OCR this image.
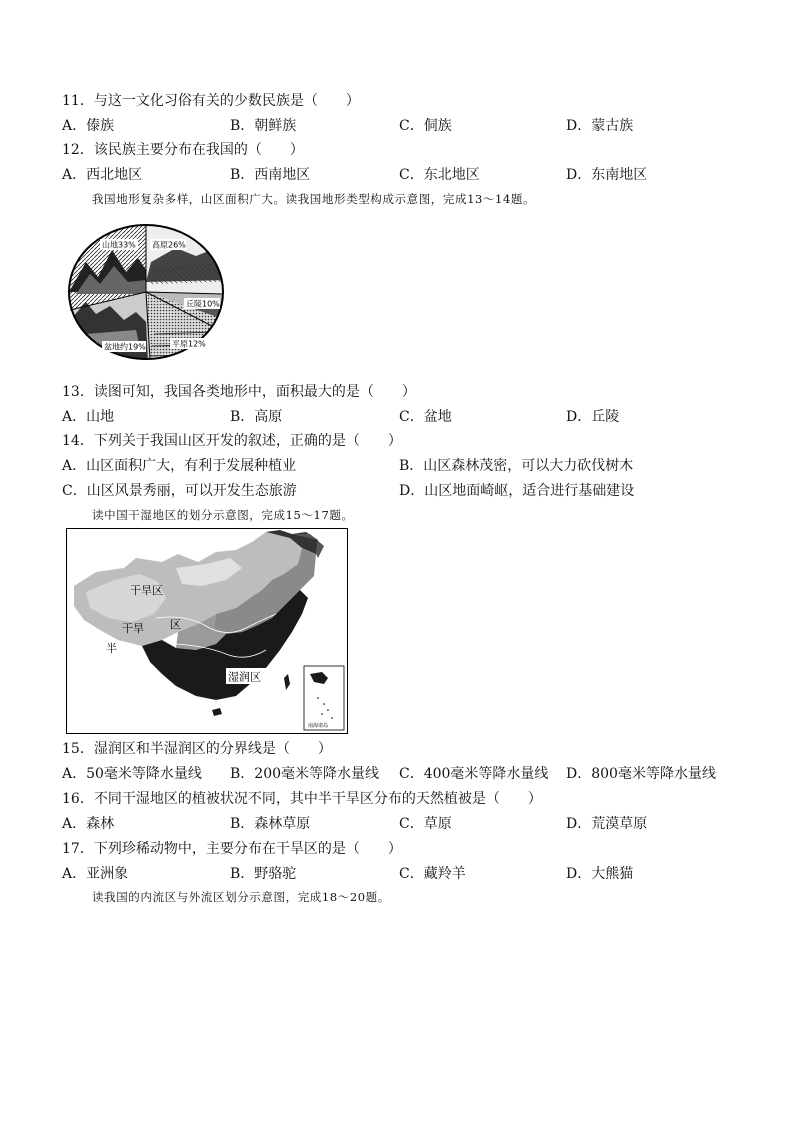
11．与这一文化习俗有关的少数民族是（　　）
A．傣族	B．朝鲜族	C．侗族	D．蒙古族
12．该民族主要分布在我国的（　　）
A．西北地区	B．西南地区	C．东北地区	D．东南地区
我国地形复杂多样，山区面积广大。读我国地形类型构成示意图，完成13～14题。
山地33% 高原26%
丘陵10%
平原12%
盆地约19%
13．读图可知，我国各类地形中，面积最大的是（　　）
A．山地	B．高原	C．盆地	D．丘陵
14．下列关于我国山区开发的叙述，正确的是（　　）
A．山区面积广大，有利于发展种植业	B．山区森林茂密，可以大力砍伐树木
C．山区风景秀丽，可以开发生态旅游	D．山区地面崎岖，适合进行基础建设
读中国干湿地区的划分示意图，完成15～17题。
南海诸岛
干旱区
干旱 区
半
湿润区
15．湿润区和半湿润区的分界线是（　　）
A．50毫米等降水量线 B．200毫米等降水量线 C．400毫米等降水量线 D．800毫米等降水量线
16．不同干湿地区的植被状况不同，其中半干旱区分布的天然植被是（　　）
A．森林	B．森林草原	C．草原	D．荒漠草原
17．下列珍稀动物中，主要分布在干旱区的是（　　）
A．亚洲象	B．野骆驼	C．藏羚羊	D．大熊猫
读我国的内流区与外流区划分示意图，完成18～20题。
